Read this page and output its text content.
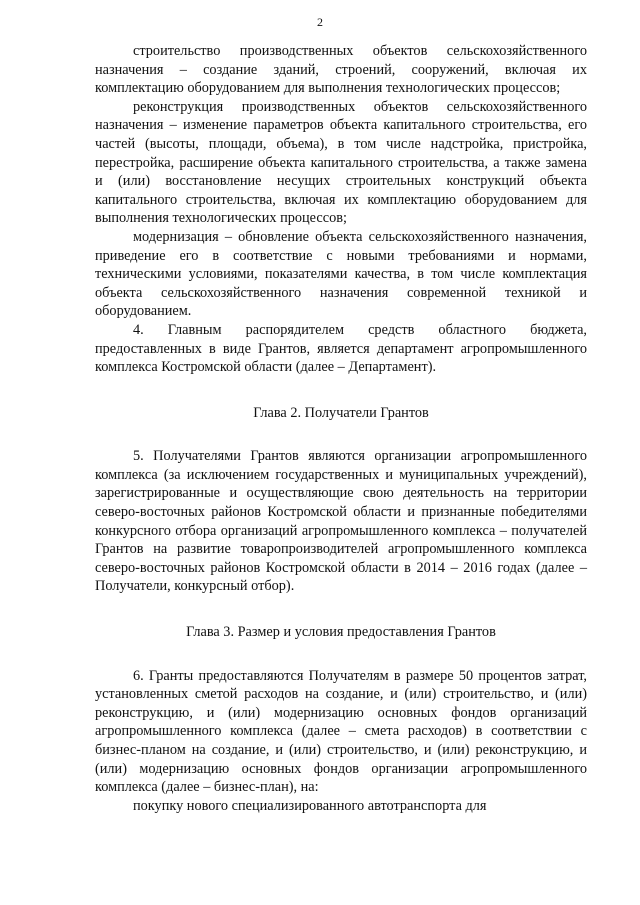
2

строительство производственных объектов сельскохозяйственного назначения – создание зданий, строений, сооружений, включая их комплектацию оборудованием для выполнения технологических процессов;

реконструкция производственных объектов сельскохозяйственного назначения – изменение параметров объекта капитального строительства, его частей (высоты, площади, объема), в том числе надстройка, пристройка, перестройка, расширение объекта капитального строительства, а также замена и (или) восстановление несущих строительных конструкций объекта капитального строительства, включая их комплектацию оборудованием для выполнения технологических процессов;

модернизация – обновление объекта сельскохозяйственного назначения, приведение его в соответствие с новыми требованиями и нормами, техническими условиями, показателями качества, в том числе комплектация объекта сельскохозяйственного назначения современной техникой и оборудованием.

4. Главным распорядителем средств областного бюджета, предоставленных в виде Грантов, является департамент агропромышленного комплекса Костромской области (далее – Департамент).

Глава 2. Получатели Грантов

5. Получателями Грантов являются организации агропромышленного комплекса (за исключением государственных и муниципальных учреждений), зарегистрированные и осуществляющие свою деятельность на территории северо-восточных районов Костромской области и признанные победителями конкурсного отбора организаций агропромышленного комплекса – получателей Грантов на развитие товаропроизводителей агропромышленного комплекса северо-восточных районов Костромской области в 2014 – 2016 годах (далее – Получатели, конкурсный отбор).

Глава 3. Размер и условия предоставления Грантов

6. Гранты предоставляются Получателям в размере 50 процентов затрат, установленных сметой расходов на создание, и (или) строительство, и (или) реконструкцию, и (или) модернизацию основных фондов организаций агропромышленного комплекса (далее – смета расходов) в соответствии с бизнес-планом на создание, и (или) строительство, и (или) реконструкцию, и (или) модернизацию основных фондов организации агропромышленного комплекса (далее – бизнес-план), на:

покупку нового специализированного автотранспорта для
